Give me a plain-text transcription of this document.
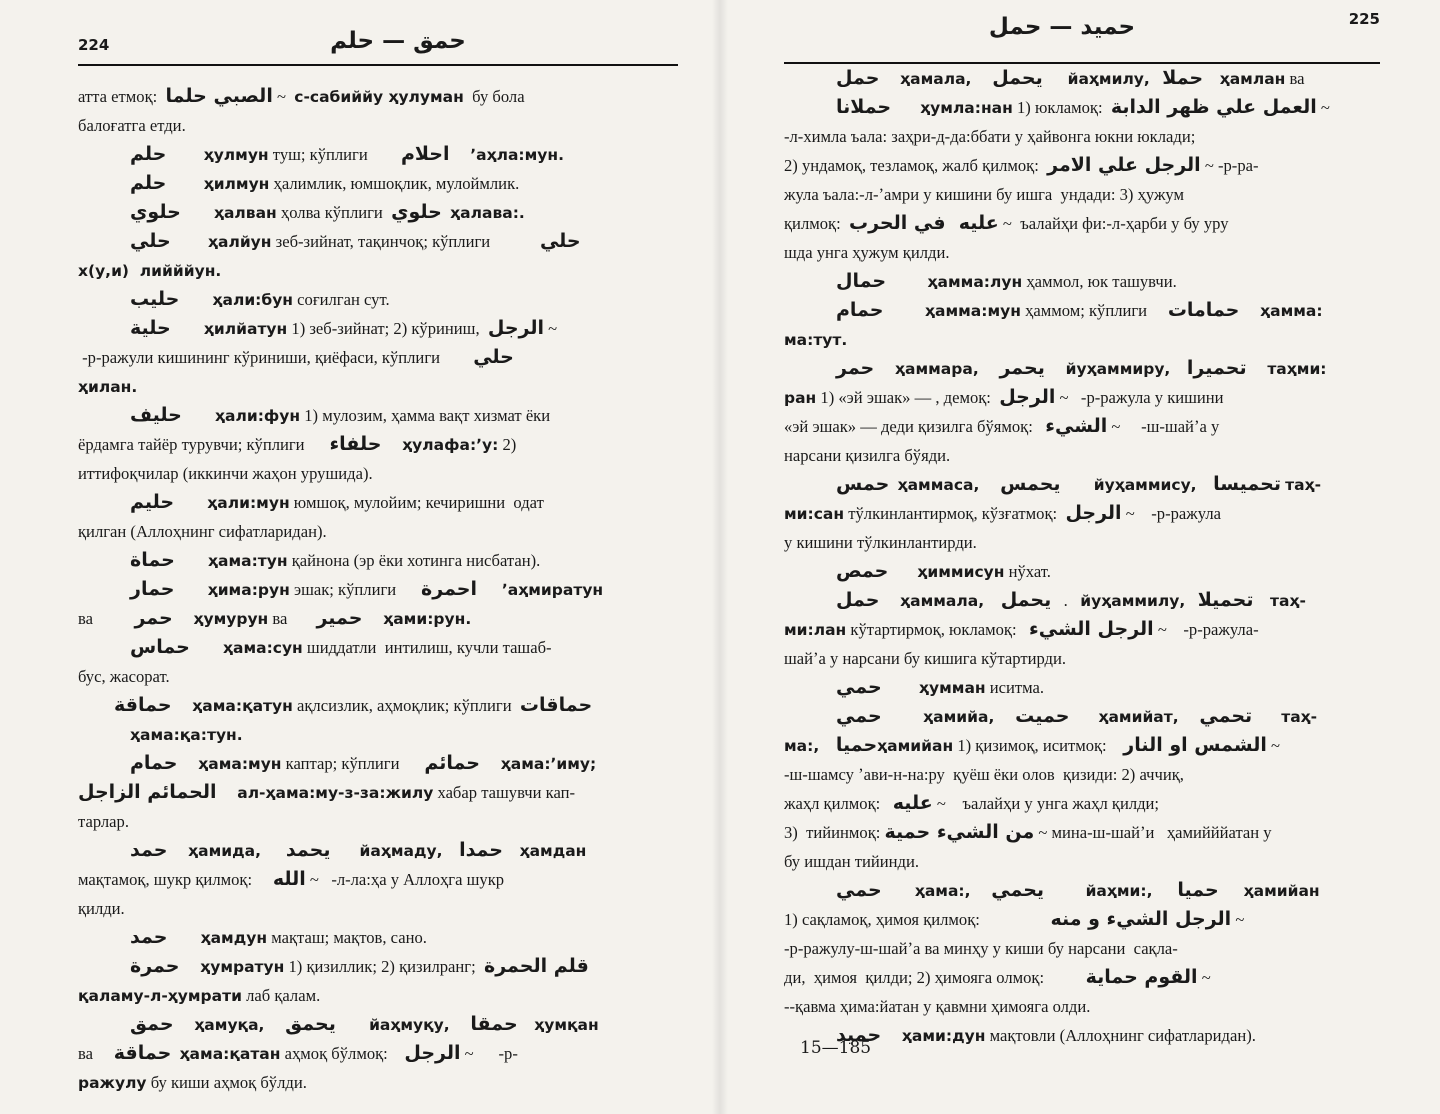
224	حمق — حلم
атта етмоқ:  الصبي حلما ~  с-сабиййу ҳулуман  бу бола
балоғатга етди.
حلم ҳулмун туш; кўплиги        احلام ʼаҳла:мун.
حلم ҳилмун ҳалимлик, юмшоқлик, мулоймлик.
حلوي ҳалван ҳолва кўплиги  حلوي ҳалава:.
حلي ҳалйун зеб-зийнат, тақинчоқ; кўплиги            حلي
х(у,и)  лийййун.
حليب ҳали:бун соғилган сут.
حلية ҳилйатун 1) зеб-зийнат; 2) кўриниш,  الرجل ~
-р-ражули кишининг кўриниши, қиёфаси, кўплиги        حلي
ҳилан.
حليف ҳали:фун 1) мулозим, ҳамма вақт хизмат ёки
ёрдамга тайёр турувчи; кўплиги      حلفاء ҳулафа:ʼу: 2)
иттифоқчилар (иккинчи жаҳон урушида).
حليم ҳали:мун юмшоқ, мулойим; кечиришни  одат
қилган (Аллоҳнинг сифатларидан).
حماة ҳама:тун қайнона (эр ёки хотинга нисбатан).
حمار ҳима:рун эшак; кўплиги      احمرة ʼаҳмиратун
ва          حمر ҳумурун ва       حمير ҳами:рун.
حماس ҳама:сун шиддатли  интилиш, кучли ташаб-
бус, жасорат.
حماقة ҳама:қатун ақлсизлик, аҳмоқлик; кўплиги  حماقات
ҳама:қа:тун.
حمام ҳама:мун каптар; кўплиги      حمائم ҳама:ʼиму;
الحمائم الزاجل ал-ҳама:му-з-за:жилу хабар ташувчи кап-
тарлар.
حمد ҳамида, يحمد йаҳмаду, حمدا ҳамдан
мақтамоқ, шукр қилмоқ:     الله ~   -л-ла:ҳа у Аллоҳга шукр
қилди.
حمد ҳамдун мақташ; мақтов, сано.
حمرة ҳумратун 1) қизиллик; 2) қизилранг;  قلم الحمرة
қаламу-л-ҳумрати лаб қалам.
حمق ҳамуқа, يحمق йаҳмуқу, حمقا ҳумқан
ва     حماقة ҳама:қатан аҳмоқ бўлмоқ:    الرجل ~      -р-
ражулу бу киши аҳмоқ бўлди.
225
حميد — حمل
حمل ҳамала, يحمل йаҳмилу, حملا ҳамлан ва
حملانا ҳумла:нан 1) юкламоқ:  العمل علي ظهر الدابة ~
-л-химла ъала: заҳри-д-да:ббати у ҳайвонга юкни юклади;
2) ундамоқ, тезламоқ, жалб қилмоқ:  الرجل علي الامر ~ -р-ра-
жула ъала:-л-ʼамри у кишини бу ишга  ундади: 3) ҳужум
қилмоқ:  عليه  في الحرب ~  ъалайҳи фи:-л-ҳарби у бу уру
шда унга ҳужум қилди.
حمال	ҳамма:лун ҳаммол, юк ташувчи.
حمام	ҳамма:мун ҳаммом; кўплиги     حمامات ҳамма:
ма:тут.
حمر ҳаммара, يحمر йуҳаммиру, تحميرا таҳми:
ран 1) «эй эшак» — , демоқ:  الرجل ~   -р-ражула у кишини
«эй эшак» — деди қизилга бўямоқ:   الشيء ~     -ш-шайʼа у
нарсани қизилга бўяди.
حمس ҳаммаса, يحمس йуҳаммису, تحميسا таҳ-
ми:сан тўлкинлантирмоқ, кўзғатмоқ:  الرجل ~    -р-ражула
у кишини тўлкинлантирди.
حمص ҳиммисун нўхат.
حمل ҳаммала, يحمل   .   йуҳаммилу, تحميلا таҳ-
ми:лан кўтартирмоқ, юкламоқ:   الرجل الشيء ~    -р-ражула-
шайʼа у нарсани бу кишига кўтартирди.
حمي ҳумман иситма.
حمي	ҳамийа, حميت ҳамийат, تحمي таҳ-
ма:, حمياҳамийан 1) қизимоқ, иситмоқ:    الشمس او النار ~
-ш-шамсу ʼави-н-на:ру  қуёш ёки олов  қизиди: 2) аччиқ,
жаҳл қилмоқ:   عليه ~    ъалайҳи у унга жаҳл қилди;
3)  тийинмоқ: من الشيء حمية ~ мина-ш-шайʼи   ҳамийййатан у
бу ишдан тийинди.
حمي ҳама:, يحمي	йаҳми:, حميا ҳамийан
1) сақламоқ, ҳимоя қилмоқ:                 الرجل الشيء و منه ~
-р-ражулу-ш-шайʼа ва минҳу у киши бу нарсани  сақла-
ди,  ҳимоя  қилди; 2) ҳимояга олмоқ:          القوم حماية ~
--қавма ҳима:йатан у қавмни ҳимояга олди.
حميد ҳами:дун мақтовли (Аллоҳнинг сифатларидан).
15—185
